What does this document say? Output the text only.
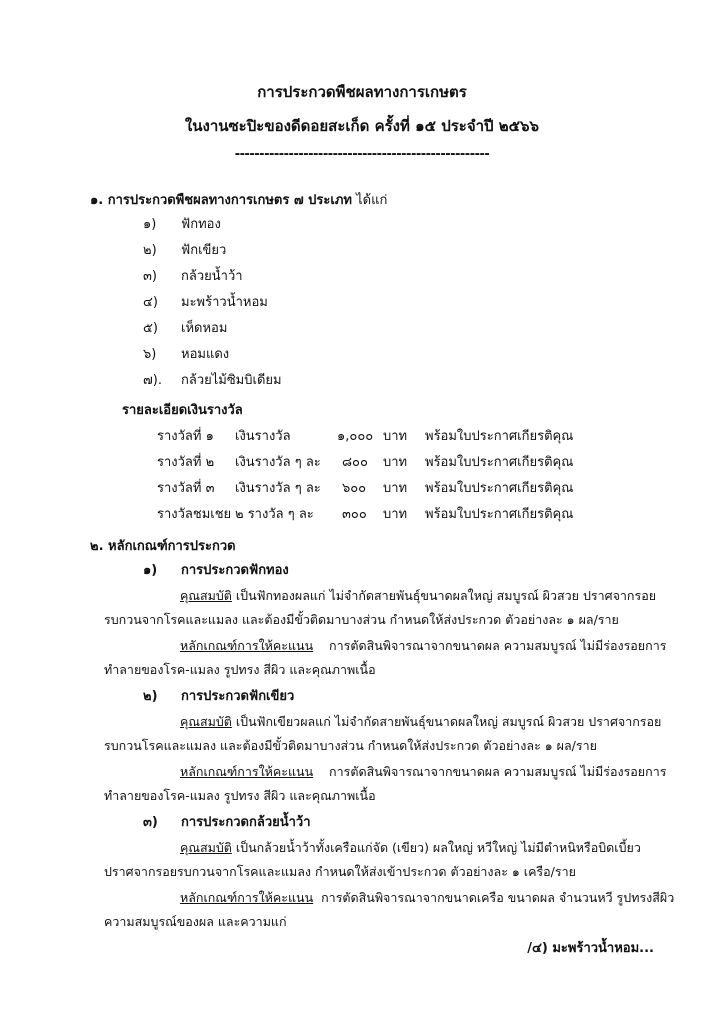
การประกวดพืชผลทางการเกษตร
ในงานซะปิะของดีดอยสะเก็ด ครั้งที่ ๑๕ ประจำปี ๒๕๖๖
----------------------------------------------------
๑. การประกวดพืชผลทางการเกษตร ๗ ประเภท ได้แก่
๑) ฟักทอง
๒) ฟักเขียว
๓) กล้วยน้ำว้า
๔) มะพร้าวน้ำหอม
๕) เห็ดหอม
๖) หอมแดง
๗). กล้วยไม้ซิมบิเดียม
รายละเอียดเงินรางวัล
รางวัลที่ ๑ เงินรางวัล	๑,๐๐๐ บาท พร้อมใบประกาศเกียรติคุณ
รางวัลที่ ๒ เงินรางวัล ๆ ละ ๘๐๐ บาท พร้อมใบประกาศเกียรติคุณ
รางวัลที่ ๓ เงินรางวัล ๆ ละ ๖๐๐ บาท พร้อมใบประกาศเกียรติคุณ
รางวัลชมเชย ๒ รางวัล ๆ ละ ๓๐๐ บาท พร้อมใบประกาศเกียรติคุณ
๒. หลักเกณฑ์การประกวด
๑) การประกวดฟักทอง
คุณสมบัติ เป็นฟักทองผลแก่ ไม่จำกัดสายพันธุ์ขนาดผลใหญ่ สมบูรณ์ ผิวสวย ปราศจากรอย
รบกวนจากโรคและแมลง และต้องมีขั้วติดมาบางส่วน กำหนดให้ส่งประกวด ตัวอย่างละ ๑ ผล/ราย
หลักเกณฑ์การให้คะแนน    การตัดสินพิจารณาจากขนาดผล ความสมบูรณ์ ไม่มีร่องรอยการ
ทำลายของโรค-แมลง รูปทรง สีผิว และคุณภาพเนื้อ
๒) การประกวดฟักเขียว
คุณสมบัติ เป็นฟักเขียวผลแก่ ไม่จำกัดสายพันธุ์ขนาดผลใหญ่ สมบูรณ์ ผิวสวย ปราศจากรอย
รบกวนโรคและแมลง และต้องมีขั้วติดมาบางส่วน กำหนดให้ส่งประกวด ตัวอย่างละ ๑ ผล/ราย
หลักเกณฑ์การให้คะแนน    การตัดสินพิจารณาจากขนาดผล ความสมบูรณ์ ไม่มีร่องรอยการ
ทำลายของโรค-แมลง รูปทรง สีผิว และคุณภาพเนื้อ
๓) การประกวดกล้วยน้ำว้า
คุณสมบัติ เป็นกล้วยน้ำว้าทั้งเครือแก่จัด (เขียว) ผลใหญ่ หวีใหญ่ ไม่มีตำหนิหรือบิดเบี้ยว
ปราศจากรอยรบกวนจากโรคและแมลง กำหนดให้ส่งเข้าประกวด ตัวอย่างละ ๑ เครือ/ราย
หลักเกณฑ์การให้คะแนน  การตัดสินพิจารณาจากขนาดเครือ ขนาดผล จำนวนหวี รูปทรงสีผิว
ความสมบูรณ์ของผล และความแก่
/๔) มะพร้าวน้ำหอม...
